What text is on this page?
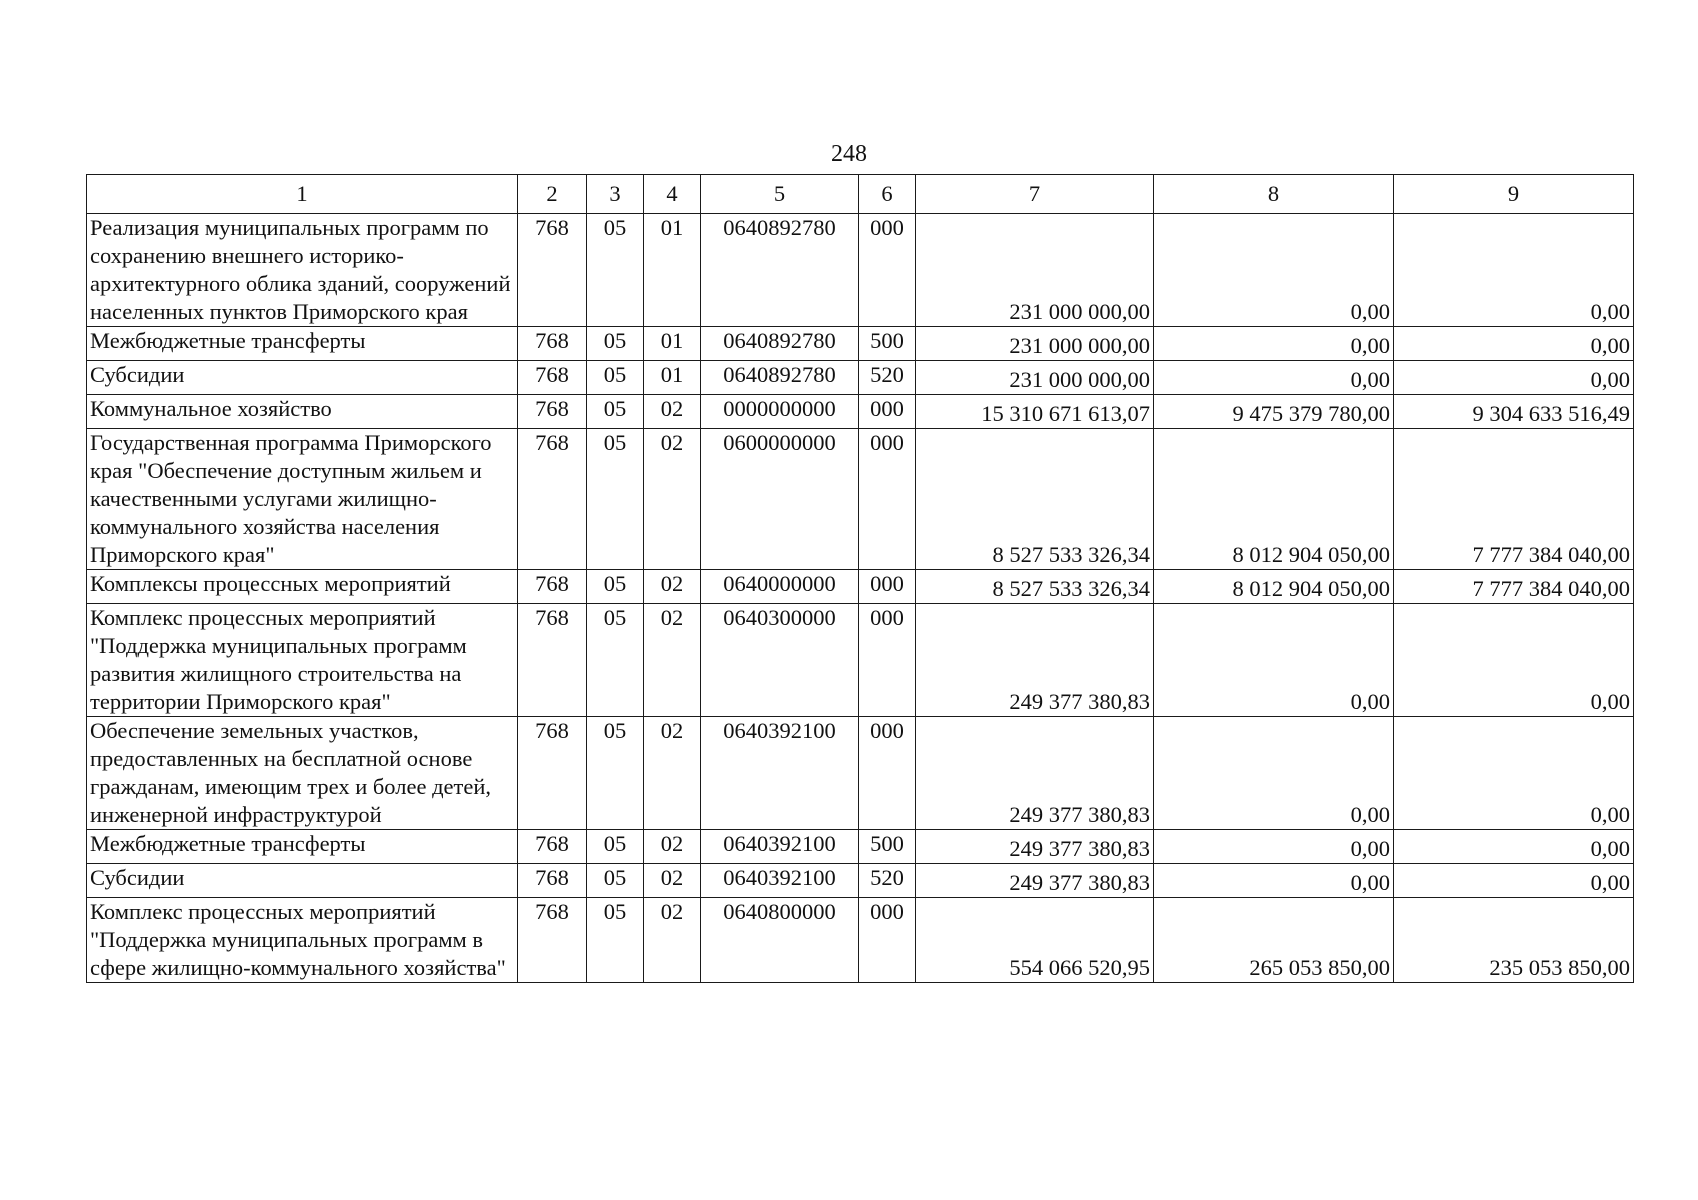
248
1	2	3	4	5	6	7	8	9
Реализация муниципальных программ по сохранению внешнего историко-архитектурного облика зданий, сооружений населенных пунктов Приморского края	768	05	01	0640892780	000	231 000 000,00	0,00	0,00
Межбюджетные трансферты	768	05	01	0640892780	500	231 000 000,00	0,00	0,00
Субсидии	768	05	01	0640892780	520	231 000 000,00	0,00	0,00
Коммунальное хозяйство	768	05	02	0000000000	000	15 310 671 613,07	9 475 379 780,00	9 304 633 516,49
Государственная программа Приморского края "Обеспечение доступным жильем и качественными услугами жилищно-коммунального хозяйства населения Приморского края"	768	05	02	0600000000	000	8 527 533 326,34	8 012 904 050,00	7 777 384 040,00
Комплексы процессных мероприятий	768	05	02	0640000000	000	8 527 533 326,34	8 012 904 050,00	7 777 384 040,00
Комплекс процессных мероприятий "Поддержка муниципальных программ развития жилищного строительства на территории Приморского края"	768	05	02	0640300000	000	249 377 380,83	0,00	0,00
Обеспечение земельных участков, предоставленных на бесплатной основе гражданам, имеющим трех и более детей, инженерной инфраструктурой	768	05	02	0640392100	000	249 377 380,83	0,00	0,00
Межбюджетные трансферты	768	05	02	0640392100	500	249 377 380,83	0,00	0,00
Субсидии	768	05	02	0640392100	520	249 377 380,83	0,00	0,00
Комплекс процессных мероприятий "Поддержка муниципальных программ в сфере жилищно-коммунального хозяйства"	768	05	02	0640800000	000	554 066 520,95	265 053 850,00	235 053 850,00
